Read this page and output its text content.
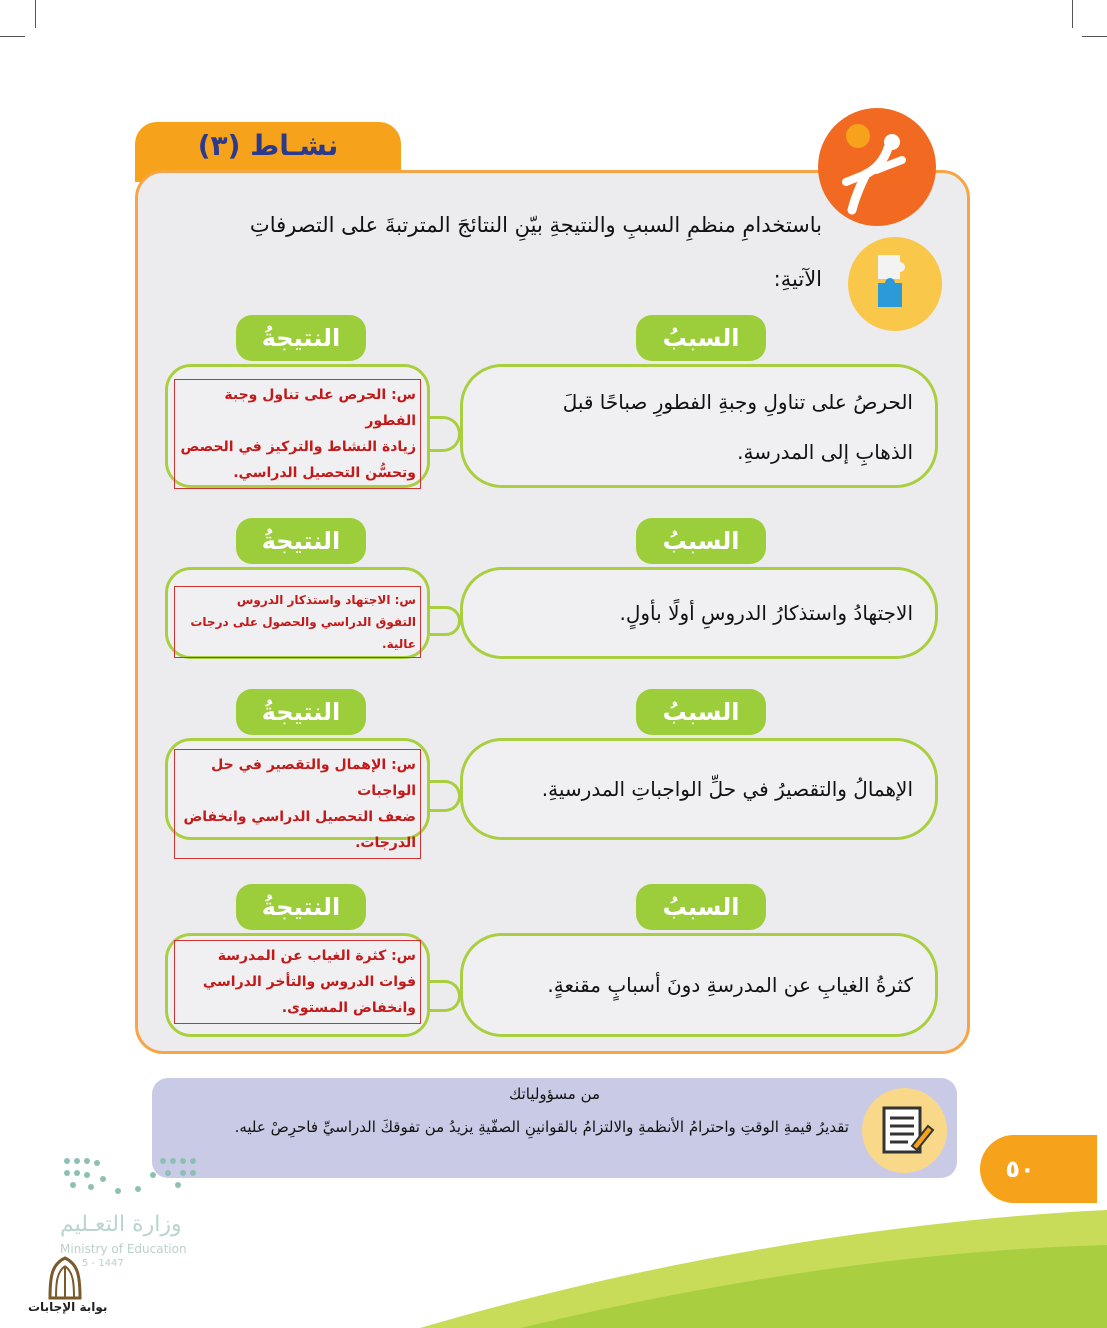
نشـاط (٣)
باستخدامِ منظمِ السببِ والنتيجةِ بيّنِ النتائجَ المترتبةَ على التصرفاتِ
الآتيةِ:
السببُ
النتيجةُ
الحرصُ على تناولِ وجبةِ الفطورِ صباحًا قبلَ
الذهابِ إلى المدرسةِ.
س: الحرص على تناول وجبة الفطور
زيادة النشاط والتركيز في الحصص
وتحسُّن التحصيل الدراسي.
السببُ
النتيجةُ
الاجتهادُ واستذكارُ الدروسِ أولًا بأولٍ.
س: الاجتهاد واستذكار الدروس
التفوق الدراسي والحصول على درجات عالية.
السببُ
النتيجةُ
الإهمالُ والتقصيرُ في حلِّ الواجباتِ المدرسيةِ.
س: الإهمال والتقصير في حل الواجبات
ضعف التحصيل الدراسي وانخفاض
الدرجات.
السببُ
النتيجةُ
كثرةُ الغيابِ عن المدرسةِ دونَ أسبابٍ مقنعةٍ.
س: كثرة الغياب عن المدرسة
فوات الدروس والتأخر الدراسي
وانخفاض المستوى.
من مسؤولياتك
تقديرُ قيمةِ الوقتِ واحترامُ الأنظمةِ والالتزامُ بالقوانينِ الصفّيةِ يزيدُ من تفوقكَ الدراسيِّ فاحرِصْ عليه.
٥٠
وزارة التعـليم
Ministry of Education
5 - 1447
بوابة الإجابات
